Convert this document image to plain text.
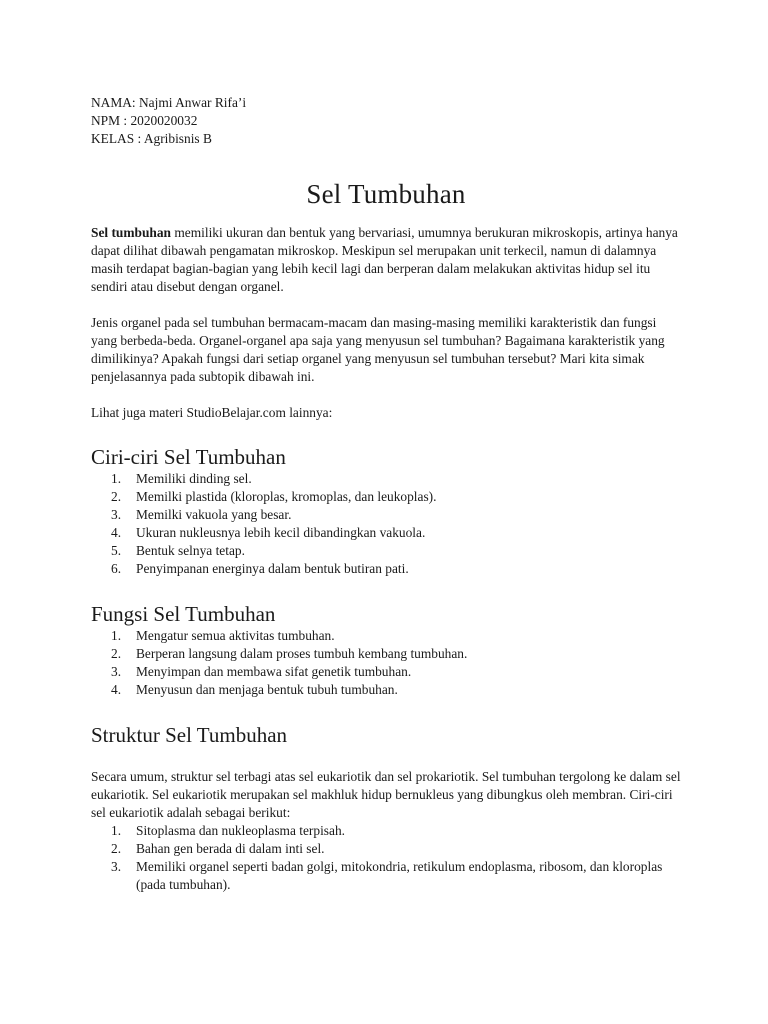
NAMA: Najmi Anwar Rifa’i
NPM : 2020020032
KELAS : Agribisnis B
Sel Tumbuhan

Sel tumbuhan memiliki ukuran dan bentuk yang bervariasi, umumnya berukuran mikroskopis, artinya hanya dapat dilihat dibawah pengamatan mikroskop. Meskipun sel merupakan unit terkecil, namun di dalamnya masih terdapat bagian-bagian yang lebih kecil lagi dan berperan dalam melakukan aktivitas hidup sel itu sendiri atau disebut dengan organel.

Jenis organel pada sel tumbuhan bermacam-macam dan masing-masing memiliki karakteristik dan fungsi yang berbeda-beda. Organel-organel apa saja yang menyusun sel tumbuhan? Bagaimana karakteristik yang dimilikinya? Apakah fungsi dari setiap organel yang menyusun sel tumbuhan tersebut? Mari kita simak penjelasannya pada subtopik dibawah ini.

Lihat juga materi StudioBelajar.com lainnya:

Ciri-ciri Sel Tumbuhan
1. Memiliki dinding sel.
2. Memilki plastida (kloroplas, kromoplas, dan leukoplas).
3. Memilki vakuola yang besar.
4. Ukuran nukleusnya lebih kecil dibandingkan vakuola.
5. Bentuk selnya tetap.
6. Penyimpanan energinya dalam bentuk butiran pati.
Fungsi Sel Tumbuhan
1. Mengatur semua aktivitas tumbuhan.
2. Berperan langsung dalam proses tumbuh kembang tumbuhan.
3. Menyimpan dan membawa sifat genetik tumbuhan.
4. Menyusun dan menjaga bentuk tubuh tumbuhan.
Struktur Sel Tumbuhan

Secara umum, struktur sel terbagi atas sel eukariotik dan sel prokariotik. Sel tumbuhan tergolong ke dalam sel eukariotik. Sel eukariotik merupakan sel makhluk hidup bernukleus yang dibungkus oleh membran. Ciri-ciri sel eukariotik adalah sebagai berikut:

1. Sitoplasma dan nukleoplasma terpisah.
2. Bahan gen berada di dalam inti sel.
3. Memiliki organel seperti badan golgi, mitokondria, retikulum endoplasma, ribosom, dan kloroplas (pada tumbuhan).
